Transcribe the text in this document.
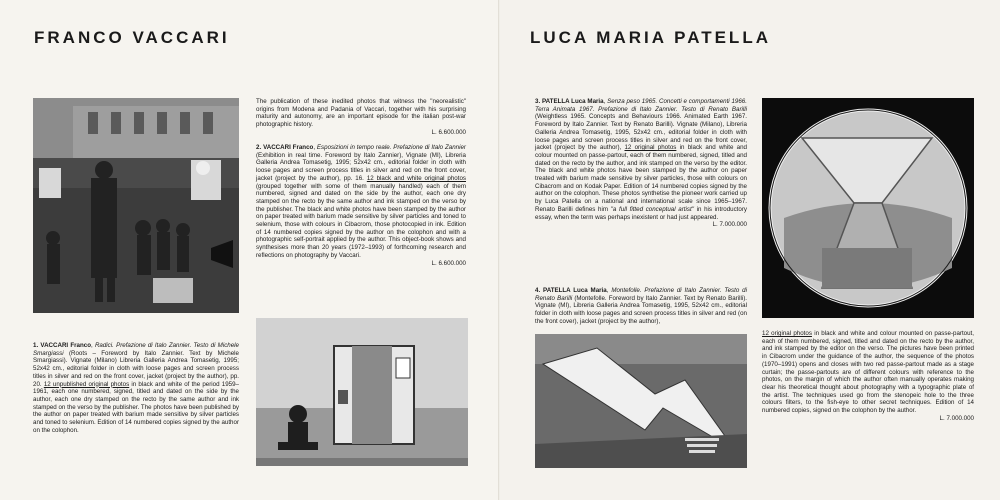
FRANCO VACCARI

The publication of these inedited photos that witness the "neorealistic" origins from Modena and Padania of Vaccari, together with his surprising maturity and autonomy, are an important episode for the italian post-war photographic history.
L. 6.600.000

2. VACCARI Franco, Esposizioni in tempo reale. Prefazione di Italo Zannier (Exhibition in real time. Foreword by Italo Zannier), Vignate (MI), Libreria Galleria Andrea Tomasetig, 1995; 52x42 cm., editorial folder in cloth with loose pages and screen process titles in silver and red on the front cover, jacket (project by the author), pp. 16. 12 black and white original photos (grouped together with some of them manually handled) each of them numbered, signed and dated on the side by the author, each one dry stamped on the recto by the same author and ink stamped on the verso by the publisher. The black and white photos have been stamped by the author on paper treated with barium made sensitive by silver particles and toned to selenium, those with colours in Cibacrom, those photocopied in ink. Edition of 14 numbered copies signed by the author on the colophon and with a photographic self-portrait applied by the author. This object-book shows and synthesises more than 20 years (1972–1993) of forthcoming research and reflections on photography by Vaccari.
L. 6.600.000

1. VACCARI Franco, Radici. Prefazione di Italo Zannier. Testo di Michele Smargiassi (Roots – Foreword by Italo Zannier. Text by Michele Smargiassi). Vignate (Milano) Libreria Galleria Andrea Tomasetig, 1995; 52x42 cm., editorial folder in cloth with loose pages and screen process titles in silver and red on the front cover, jacket (project by the author), pp. 20. 12 unpublished original photos in black and white of the period 1959–1961, each one numbered, signed, titled and dated on the side by the author, each one dry stamped on the recto by the same author and ink stamped on the verso by the publisher. The photos have been published by the author on paper treated with barium made sensitive by silver particles and toned to selenium. Edition of 14 numbered copies signed by the author on the colophon.

LUCA MARIA PATELLA

3. PATELLA Luca Maria, Senza peso 1965. Concetti e comportamenti 1966. Terra Animata 1967. Prefazione di Italo Zannier. Testo di Renato Barilli (Weightless 1965. Concepts and Behaviours 1966. Animated Earth 1967. Foreword by Italo Zannier. Text by Renato Barilli). Vignate (Milano), Libreria Galleria Andrea Tomasetig, 1995, 52x42 cm., editorial folder in cloth with loose pages and screen process titles in silver and red on the front cover, jacket (project by the author), 12 original photos in black and white and colour mounted on passe-partout, each of them numbered, signed, titled and dated on the recto by the author, and ink stamped on the verso by the editor. The black and white photos have been stamped by the author on paper treated with barium made sensitive by silver particles, those with colours on Cibacrom and on Kodak Paper. Edition of 14 numbered copies signed by the author on the colophon. These photos synthetise the pioneer work carried up by Luca Patella on a national and international scale since 1965–1967. Renato Barilli defines him "a full fitted conceptual artist" in his introductory essay, when the term was perhaps inexistent or had just appeared.
L. 7.000.000

4. PATELLA Luca Maria, Montefolle. Prefazione di Italo Zannier. Testo di Renato Barilli (Montefolle. Foreword by Italo Zannier. Text by Renato Barilli). Vignate (MI), Libreria Galleria Andrea Tomasetig, 1995, 52x42 cm., editorial folder in cloth with loose pages and screen process titles in silver and red (on the front cover), jacket (project by the author),

12 original photos in black and white and colour mounted on passe-partout, each of them numbered, signed, titled and dated on the recto by the author, and ink stamped by the editor on the verso. The pictures have been printed in Cibacrom under the guidance of the author, the sequence of the photos (1970–1991) opens and closes with two red passe-partout made as a stage curtain; the passe-partouts are of different colours with reference to the photos, on the margin of which the author often manually operates making clear his theoretical thought about photography with a typographic plate of the artist. The techniques used go from the stenopeic hole to the three colours filters, to the fish-eye to other secret techniques. Edition of 14 numbered copies, signed on the colophon by the author.
L. 7.000.000
